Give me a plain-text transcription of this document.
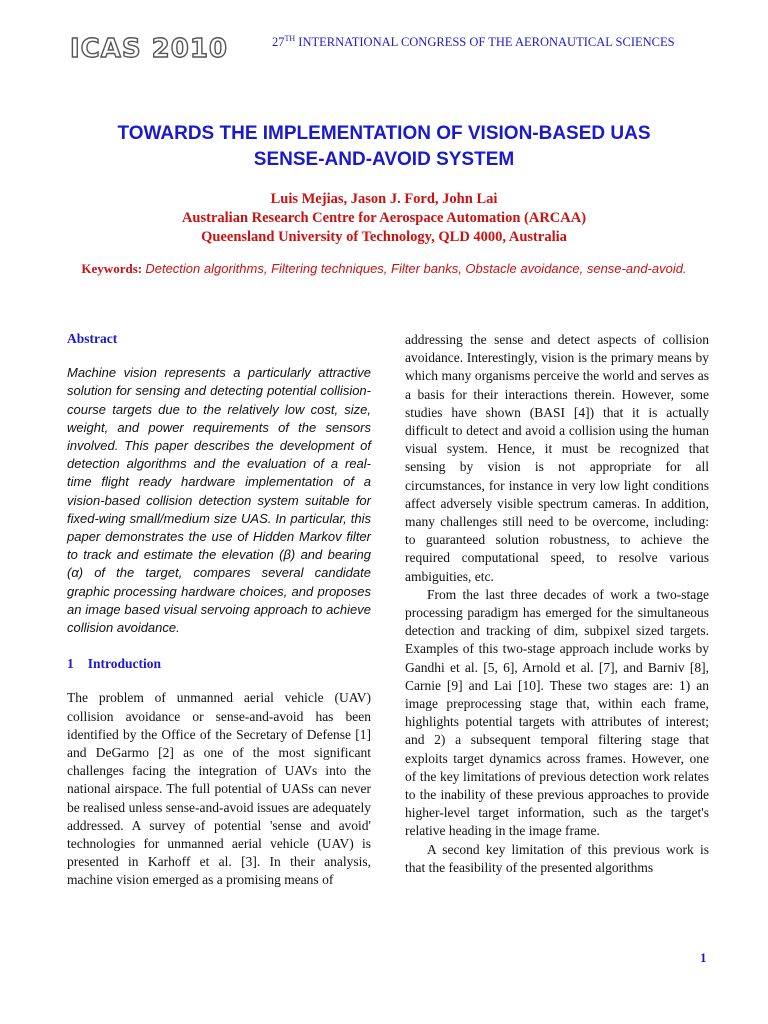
ICAS 2010	27TH INTERNATIONAL CONGRESS OF THE AERONAUTICAL SCIENCES
TOWARDS THE IMPLEMENTATION OF VISION-BASED UAS
SENSE-AND-AVOID SYSTEM
Luis Mejias, Jason J. Ford, John Lai
Australian Research Centre for Aerospace Automation (ARCAA)
Queensland University of Technology, QLD 4000, Australia
Keywords: Detection algorithms, Filtering techniques, Filter banks, Obstacle avoidance, sense-and-avoid.
Abstract

Machine vision represents a particularly attractive solution for sensing and detecting potential collision-course targets due to the relatively low cost, size, weight, and power requirements of the sensors involved. This paper describes the development of detection algorithms and the evaluation of a real-time flight ready hardware implementation of a vision-based collision detection system suitable for fixed-wing small/medium size UAS. In particular, this paper demonstrates the use of Hidden Markov filter to track and estimate the elevation (β) and bearing (α) of the target, compares several candidate graphic processing hardware choices, and proposes an image based visual servoing approach to achieve collision avoidance.

1 Introduction

The problem of unmanned aerial vehicle (UAV) collision avoidance or sense-and-avoid has been identified by the Office of the Secretary of Defense [1] and DeGarmo [2] as one of the most significant challenges facing the integration of UAVs into the national airspace. The full potential of UASs can never be realised unless sense-and-avoid issues are adequately addressed. A survey of potential 'sense and avoid' technologies for unmanned aerial vehicle (UAV) is presented in Karhoff et al. [3]. In their analysis, machine vision emerged as a promising means of

addressing the sense and detect aspects of collision avoidance. Interestingly, vision is the primary means by which many organisms perceive the world and serves as a basis for their interactions therein. However, some studies have shown (BASI [4]) that it is actually difficult to detect and avoid a collision using the human visual system. Hence, it must be recognized that sensing by vision is not appropriate for all circumstances, for instance in very low light conditions affect adversely visible spectrum cameras. In addition, many challenges still need to be overcome, including: to guaranteed solution robustness, to achieve the required computational speed, to resolve various ambiguities, etc.

From the last three decades of work a two-stage processing paradigm has emerged for the simultaneous detection and tracking of dim, subpixel sized targets. Examples of this two-stage approach include works by Gandhi et al. [5, 6], Arnold et al. [7], and Barniv [8], Carnie [9] and Lai [10]. These two stages are: 1) an image preprocessing stage that, within each frame, highlights potential targets with attributes of interest; and 2) a subsequent temporal filtering stage that exploits target dynamics across frames. However, one of the key limitations of previous detection work relates to the inability of these previous approaches to provide higher-level target information, such as the target's relative heading in the image frame.

A second key limitation of this previous work is that the feasibility of the presented algorithms

1
